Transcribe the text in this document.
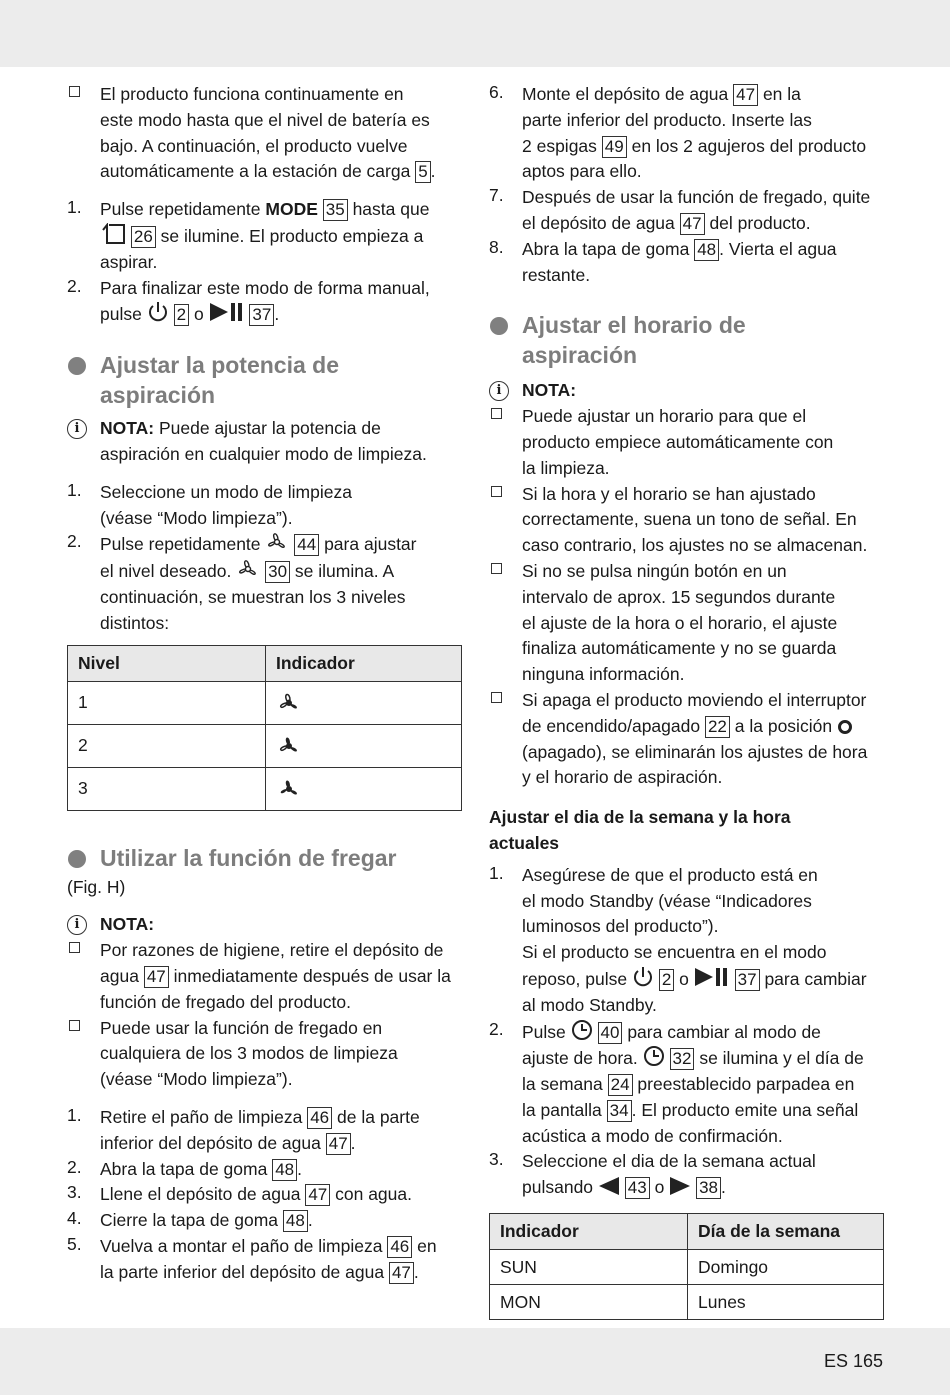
El producto funciona continuamente en
este modo hasta que el nivel de batería es
bajo. A continuación, el producto vuelve
automáticamente a la estación de carga 5 .
1.	Pulse repetidamente MODE 35 hasta que
26 se ilumine. El producto empieza a
aspirar.
2.	Para finalizar este modo de forma manual,
pulse 2 o	37 .
Ajustar la potencia de
aspiración
i	NOTA: Puede ajustar la potencia de
aspiración en cualquier modo de limpieza.
1.	Seleccione un modo de limpieza
(véase “Modo limpieza”).
2.	Pulse repetidamente 44 para ajustar
el nivel deseado. 30 se ilumina. A
continuación, se muestran los 3 niveles
distintos:
Nivel	Indicador
1	
2	
3	
Utilizar la función de fregar
(Fig. H)
i	NOTA:
Por razones de higiene, retire el depósito de
agua 47 inmediatamente después de usar la
función de fregado del producto.
Puede usar la función de fregado en
cualquiera de los 3 modos de limpieza
(véase “Modo limpieza”).
1.	Retire el paño de limpieza 46 de la parte
inferior del depósito de agua 47 .
2.	Abra la tapa de goma 48 .
3.	Llene el depósito de agua 47 con agua.
4.	Cierre la tapa de goma 48 .
5.	Vuelva a montar el paño de limpieza 46 en
la parte inferior del depósito de agua 47 .
6.	Monte el depósito de agua 47 en la
parte inferior del producto. Inserte las
2 espigas 49 en los 2 agujeros del producto
aptos para ello.
7.	Después de usar la función de fregado, quite
el depósito de agua 47 del producto.
8.	Abra la tapa de goma 48 . Vierta el agua
restante.
Ajustar el horario de
aspiración
i	NOTA:
Puede ajustar un horario para que el
producto empiece automáticamente con
la limpieza.
Si la hora y el horario se han ajustado
correctamente, suena un tono de señal. En
caso contrario, los ajustes no se almacenan.
Si no se pulsa ningún botón en un
intervalo de aprox. 15 segundos durante
el ajuste de la hora o el horario, el ajuste
finaliza automáticamente y no se guarda
ninguna información.
Si apaga el producto moviendo el interruptor
de encendido/apagado 22 a la posición
(apagado), se eliminarán los ajustes de hora
y el horario de aspiración.
Ajustar el dia de la semana y la hora
actuales
1.	Asegúrese de que el producto está en
el modo Standby (véase “Indicadores
luminosos del producto”).
Si el producto se encuentra en el modo
reposo, pulse 2 o	37 para cambiar
al modo Standby.
2.	Pulse 40 para cambiar al modo de
ajuste de hora. 32 se ilumina y el día de
la semana 24 preestablecido parpadea en
la pantalla 34 . El producto emite una señal
acústica a modo de confirmación.
3.	Seleccione el dia de la semana actual
pulsando 43 o 38 .
Indicador	Día de la semana
SUN	Domingo
MON	Lunes
ES 165
